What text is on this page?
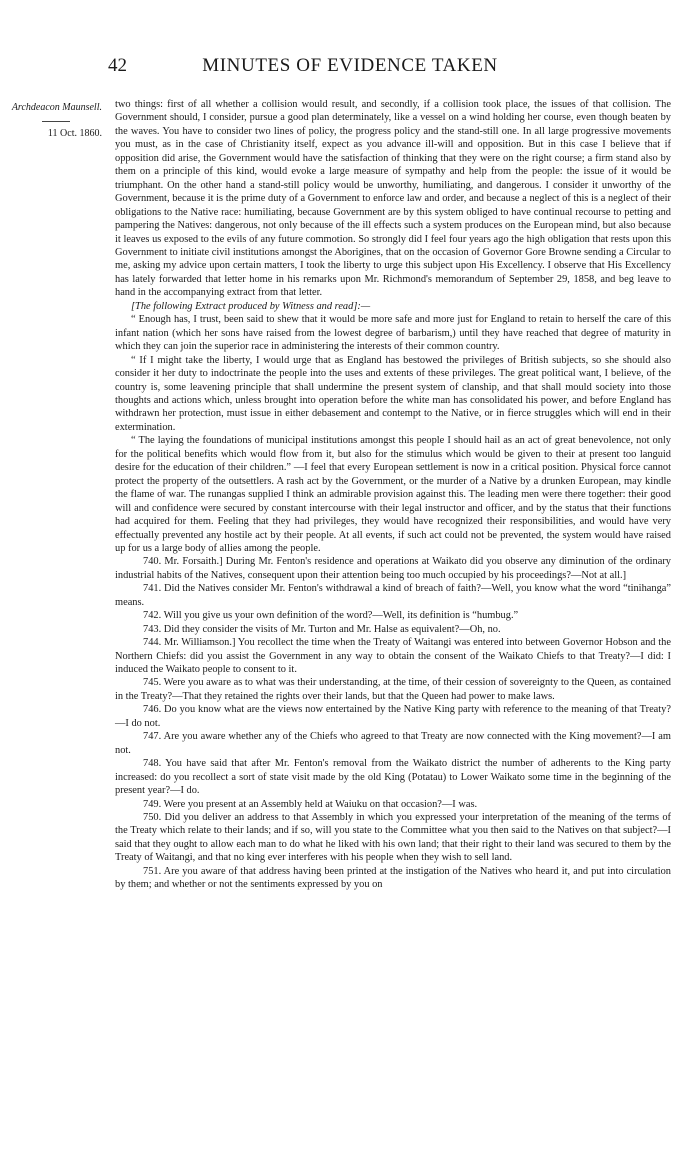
42	MINUTES OF EVIDENCE TAKEN
Archdeacon Maunsell.
11 Oct. 1860.

two things: first of all whether a collision would result, and secondly, if a collision took place, the issues of that collision. The Government should, I consider, pursue a good plan determinately, like a vessel on a wind holding her course, even though beaten by the waves. You have to consider two lines of policy, the progress policy and the stand-still one. In all large progressive movements you must, as in the case of Christianity itself, expect as you advance ill-will and opposition. But in this case I believe that if opposition did arise, the Government would have the satisfaction of thinking that they were on the right course; a firm stand also by them on a principle of this kind, would evoke a large measure of sympathy and help from the people: the issue of it would be triumphant. On the other hand a stand-still policy would be unworthy, humiliating, and dangerous. I consider it unworthy of the Government, because it is the prime duty of a Government to enforce law and order, and because a neglect of this is a neglect of their obligations to the Native race: humiliating, because Government are by this system obliged to have continual recourse to petting and pampering the Natives: dangerous, not only because of the ill effects such a system produces on the European mind, but also because it leaves us exposed to the evils of any future commotion. So strongly did I feel four years ago the high obligation that rests upon this Government to initiate civil institutions amongst the Aborigines, that on the occasion of Governor Gore Browne sending a Circular to me, asking my advice upon certain matters, I took the liberty to urge this subject upon His Excellency. I observe that His Excellency has lately forwarded that letter home in his remarks upon Mr. Richmond's memorandum of September 29, 1858, and beg leave to hand in the accompanying extract from that letter.

[The following Extract produced by Witness and read]:—

“ Enough has, I trust, been said to shew that it would be more safe and more just for England to retain to herself the care of this infant nation (which her sons have raised from the lowest degree of barbarism,) until they have reached that degree of maturity in which they can join the superior race in administering the interests of their common country.

“ If I might take the liberty, I would urge that as England has bestowed the privileges of British subjects, so she should also consider it her duty to indoctrinate the people into the uses and extents of these privileges. The great political want, I believe, of the country is, some leavening principle that shall undermine the present system of clanship, and that shall mould society into those thoughts and actions which, unless brought into operation before the white man has consolidated his power, and before England has withdrawn her protection, must issue in either debasement and contempt to the Native, or in fierce struggles which will end in their extermination.

“ The laying the foundations of municipal institutions amongst this people I should hail as an act of great benevolence, not only for the political benefits which would flow from it, but also for the stimulus which would be given to their at present too languid desire for the education of their children.” —I feel that every European settlement is now in a critical position. Physical force cannot protect the property of the outsettlers. A rash act by the Government, or the murder of a Native by a drunken European, may kindle the flame of war. The runangas supplied I think an admirable provision against this. The leading men were there together: their good will and confidence were secured by constant intercourse with their legal instructor and officer, and by the status that their functions had acquired for them. Feeling that they had privileges, they would have recognized their responsibilities, and would have very effectually prevented any hostile act by their people. At all events, if such act could not be prevented, the system would have raised up for us a large body of allies among the people.

740. Mr. Forsaith.] During Mr. Fenton's residence and operations at Waikato did you observe any diminution of the ordinary industrial habits of the Natives, consequent upon their attention being too much occupied by his proceedings?—Not at all.]

741. Did the Natives consider Mr. Fenton's withdrawal a kind of breach of faith?—Well, you know what the word “tinihanga” means.

742. Will you give us your own definition of the word?—Well, its definition is “humbug.”

743. Did they consider the visits of Mr. Turton and Mr. Halse as equivalent?—Oh, no.

744. Mr. Williamson.] You recollect the time when the Treaty of Waitangi was entered into between Governor Hobson and the Northern Chiefs: did you assist the Government in any way to obtain the consent of the Waikato Chiefs to that Treaty?—I did: I induced the Waikato people to consent to it.

745. Were you aware as to what was their understanding, at the time, of their cession of sovereignty to the Queen, as contained in the Treaty?—That they retained the rights over their lands, but that the Queen had power to make laws.

746. Do you know what are the views now entertained by the Native King party with reference to the meaning of that Treaty?—I do not.

747. Are you aware whether any of the Chiefs who agreed to that Treaty are now connected with the King movement?—I am not.

748. You have said that after Mr. Fenton's removal from the Waikato district the number of adherents to the King party increased: do you recollect a sort of state visit made by the old King (Potatau) to Lower Waikato some time in the beginning of the present year?—I do.

749. Were you present at an Assembly held at Waiuku on that occasion?—I was.

750. Did you deliver an address to that Assembly in which you expressed your interpretation of the meaning of the terms of the Treaty which relate to their lands; and if so, will you state to the Committee what you then said to the Natives on that subject?—I said that they ought to allow each man to do what he liked with his own land; that their right to their land was secured to them by the Treaty of Waitangi, and that no king ever interferes with his people when they wish to sell land.

751. Are you aware of that address having been printed at the instigation of the Natives who heard it, and put into circulation by them; and whether or not the sentiments expressed by you on
